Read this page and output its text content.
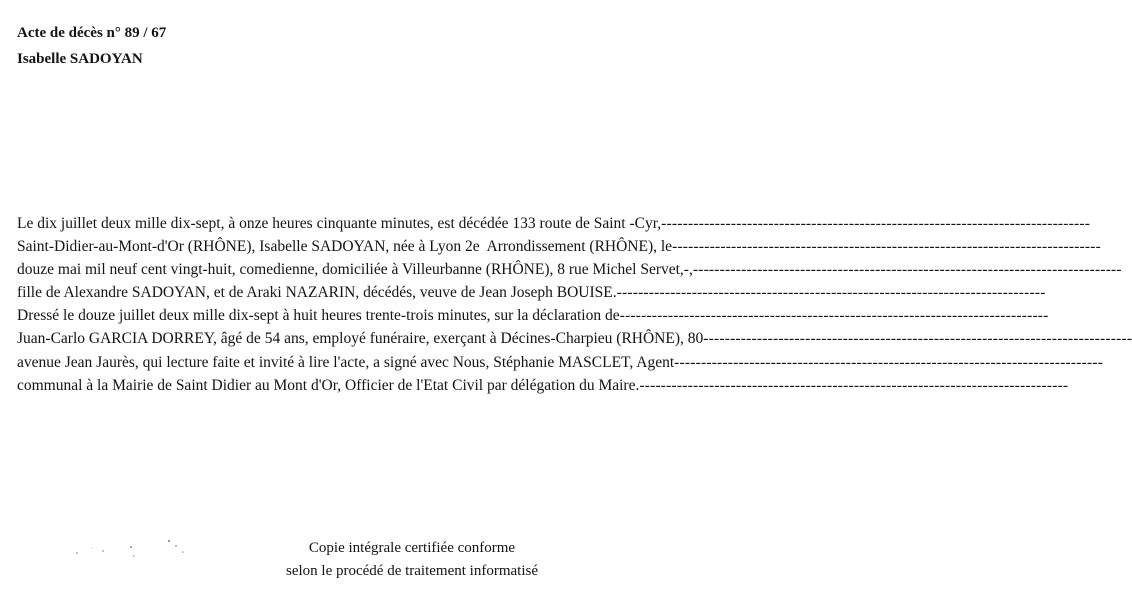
Acte de décès n° 89 / 67
Isabelle SADOYAN
Le dix juillet deux mille dix-sept, à onze heures cinquante minutes, est décédée 133 route de Saint -Cyr, --------------------------------------------------------------------------------
Saint-Didier-au-Mont-d'Or (RHÔNE), Isabelle SADOYAN, née à Lyon 2e  Arrondissement (RHÔNE), le --------------------------------------------------------------------------------
douze mai mil neuf cent vingt-huit, comedienne, domiciliée à Villeurbanne (RHÔNE), 8 rue Michel Servet,-, --------------------------------------------------------------------------------
fille de Alexandre SADOYAN, et de Araki NAZARIN, décédés, veuve de Jean Joseph BOUISE. --------------------------------------------------------------------------------
Dressé le douze juillet deux mille dix-sept à huit heures trente-trois minutes, sur la déclaration de --------------------------------------------------------------------------------
Juan-Carlo GARCIA DORREY, âgé de 54 ans, employé funéraire, exerçant à Décines-Charpieu (RHÔNE), 80 --------------------------------------------------------------------------------
avenue Jean Jaurès, qui lecture faite et invité à lire l'acte, a signé avec Nous, Stéphanie MASCLET, Agent --------------------------------------------------------------------------------
communal à la Mairie de Saint Didier au Mont d'Or, Officier de l'Etat Civil par délégation du Maire. --------------------------------------------------------------------------------
Copie intégrale certifiée conforme
selon le procédé de traitement informatisé
